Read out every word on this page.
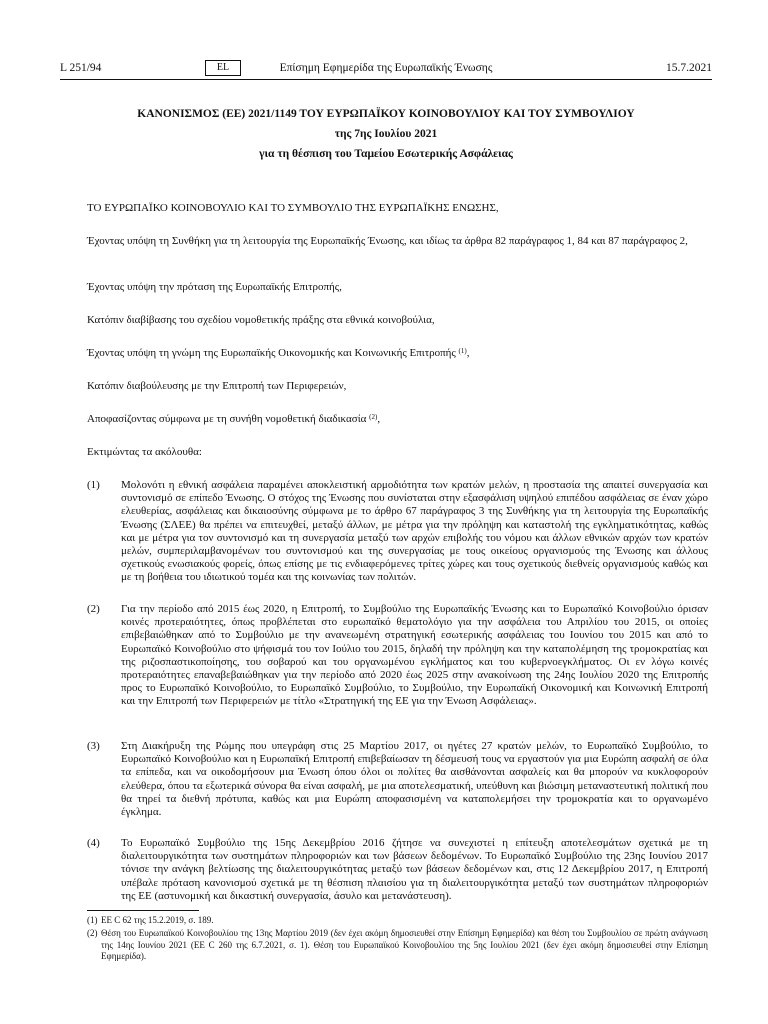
L 251/94	Επίσημη Εφημερίδα της Ευρωπαϊκής Ένωσης
EL	15.7.2021
ΚΑΝΟΝΙΣΜΟΣ (ΕΕ) 2021/1149 ΤΟΥ ΕΥΡΩΠΑΪΚΟΥ ΚΟΙΝΟΒΟΥΛΙΟΥ ΚΑΙ ΤΟΥ ΣΥΜΒΟΥΛΙΟΥ
της 7ης Ιουλίου 2021
για τη θέσπιση του Ταμείου Εσωτερικής Ασφάλειας
ΤΟ ΕΥΡΩΠΑΪΚΟ ΚΟΙΝΟΒΟΥΛΙΟ ΚΑΙ ΤΟ ΣΥΜΒΟΥΛΙΟ ΤΗΣ ΕΥΡΩΠΑΪΚΗΣ ΕΝΩΣΗΣ,
Έχοντας υπόψη τη Συνθήκη για τη λειτουργία της Ευρωπαϊκής Ένωσης, και ιδίως τα άρθρα 82 παράγραφος 1, 84 και 87 παράγραφος 2,
Έχοντας υπόψη την πρόταση της Ευρωπαϊκής Επιτροπής,
Κατόπιν διαβίβασης του σχεδίου νομοθετικής πράξης στα εθνικά κοινοβούλια,
Έχοντας υπόψη τη γνώμη της Ευρωπαϊκής Οικονομικής και Κοινωνικής Επιτροπής $^{(1)}$,
Κατόπιν διαβούλευσης με την Επιτροπή των Περιφερειών,
Αποφασίζοντας σύμφωνα με τη συνήθη νομοθετική διαδικασία $^{(2)}$,
Εκτιμώντας τα ακόλουθα:
(1)	Μολονότι η εθνική ασφάλεια παραμένει αποκλειστική αρμοδιότητα των κρατών μελών, η προστασία της απαιτεί συνεργασία και συντονισμό σε επίπεδο Ένωσης. Ο στόχος της Ένωσης που συνίσταται στην εξασφάλιση υψηλού επιπέδου ασφάλειας σε έναν χώρο ελευθερίας, ασφάλειας και δικαιοσύνης σύμφωνα με το άρθρο 67 παράγραφος 3 της Συνθήκης για τη λειτουργία της Ευρωπαϊκής Ένωσης (ΣΛΕΕ) θα πρέπει να επιτευχθεί, μεταξύ άλλων, με μέτρα για την πρόληψη και καταστολή της εγκληματικότητας, καθώς και με μέτρα για τον συντονισμό και τη συνεργασία μεταξύ των αρχών επιβολής του νόμου και άλλων εθνικών αρχών των κρατών μελών, συμπεριλαμβανομένων του συντονισμού και της συνεργασίας με τους οικείους οργανισμούς της Ένωσης και άλλους σχετικούς ενωσιακούς φορείς, όπως επίσης με τις ενδιαφερόμενες τρίτες χώρες και τους σχετικούς διεθνείς οργανισμούς καθώς και με τη βοήθεια του ιδιωτικού τομέα και της κοινωνίας των πολιτών.
(2)	Για την περίοδο από 2015 έως 2020, η Επιτροπή, το Συμβούλιο της Ευρωπαϊκής Ένωσης και το Ευρωπαϊκό Κοινοβούλιο όρισαν κοινές προτεραιότητες, όπως προβλέπεται στο ευρωπαϊκό θεματολόγιο για την ασφάλεια του Απριλίου του 2015, οι οποίες επιβεβαιώθηκαν από το Συμβούλιο με την ανανεωμένη στρατηγική εσωτερικής ασφάλειας του Ιουνίου του 2015 και από το Ευρωπαϊκό Κοινοβούλιο στο ψήφισμά του τον Ιούλιο του 2015, δηλαδή την πρόληψη και την καταπολέμηση της τρομοκρατίας και της ριζοσπαστικοποίησης, του σοβαρού και του οργανωμένου εγκλήματος και του κυβερνοεγκλήματος. Οι εν λόγω κοινές προτεραιότητες επαναβεβαιώθηκαν για την περίοδο από 2020 έως 2025 στην ανακοίνωση της 24ης Ιουλίου 2020 της Επιτροπής προς το Ευρωπαϊκό Κοινοβούλιο, το Ευρωπαϊκό Συμβούλιο, το Συμβούλιο, την Ευρωπαϊκή Οικονομική και Κοινωνική Επιτροπή και την Επιτροπή των Περιφερειών με τίτλο «Στρατηγική της ΕΕ για την Ένωση Ασφάλειας».
(3)	Στη Διακήρυξη της Ρώμης που υπεγράφη στις 25 Μαρτίου 2017, οι ηγέτες 27 κρατών μελών, το Ευρωπαϊκό Συμβούλιο, το Ευρωπαϊκό Κοινοβούλιο και η Ευρωπαϊκή Επιτροπή επιβεβαίωσαν τη δέσμευσή τους να εργαστούν για μια Ευρώπη ασφαλή σε όλα τα επίπεδα, και να οικοδομήσουν μια Ένωση όπου όλοι οι πολίτες θα αισθάνονται ασφαλείς και θα μπορούν να κυκλοφορούν ελεύθερα, όπου τα εξωτερικά σύνορα θα είναι ασφαλή, με μια αποτελεσματική, υπεύθυνη και βιώσιμη μεταναστευτική πολιτική που θα τηρεί τα διεθνή πρότυπα, καθώς και μια Ευρώπη αποφασισμένη να καταπολεμήσει την τρομοκρατία και το οργανωμένο έγκλημα.
(4)	Το Ευρωπαϊκό Συμβούλιο της 15ης Δεκεμβρίου 2016 ζήτησε να συνεχιστεί η επίτευξη αποτελεσμάτων σχετικά με τη διαλειτουργικότητα των συστημάτων πληροφοριών και των βάσεων δεδομένων. Το Ευρωπαϊκό Συμβούλιο της 23ης Ιουνίου 2017 τόνισε την ανάγκη βελτίωσης της διαλειτουργικότητας μεταξύ των βάσεων δεδομένων και, στις 12 Δεκεμβρίου 2017, η Επιτροπή υπέβαλε πρόταση κανονισμού σχετικά με τη θέσπιση πλαισίου για τη διαλειτουργικότητα μεταξύ των συστημάτων πληροφοριών της ΕΕ (αστυνομική και δικαστική συνεργασία, άσυλο και μετανάστευση).
(1) ΕΕ C 62 της 15.2.2019, σ. 189.
(2) Θέση του Ευρωπαϊκού Κοινοβουλίου της 13ης Μαρτίου 2019 (δεν έχει ακόμη δημοσιευθεί στην Επίσημη Εφημερίδα) και θέση του Συμβουλίου σε πρώτη ανάγνωση της 14ης Ιουνίου 2021 (ΕΕ C 260 της 6.7.2021, σ. 1). Θέση του Ευρωπαϊκού Κοινοβουλίου της 5ης Ιουλίου 2021 (δεν έχει ακόμη δημοσιευθεί στην Επίσημη Εφημερίδα).
